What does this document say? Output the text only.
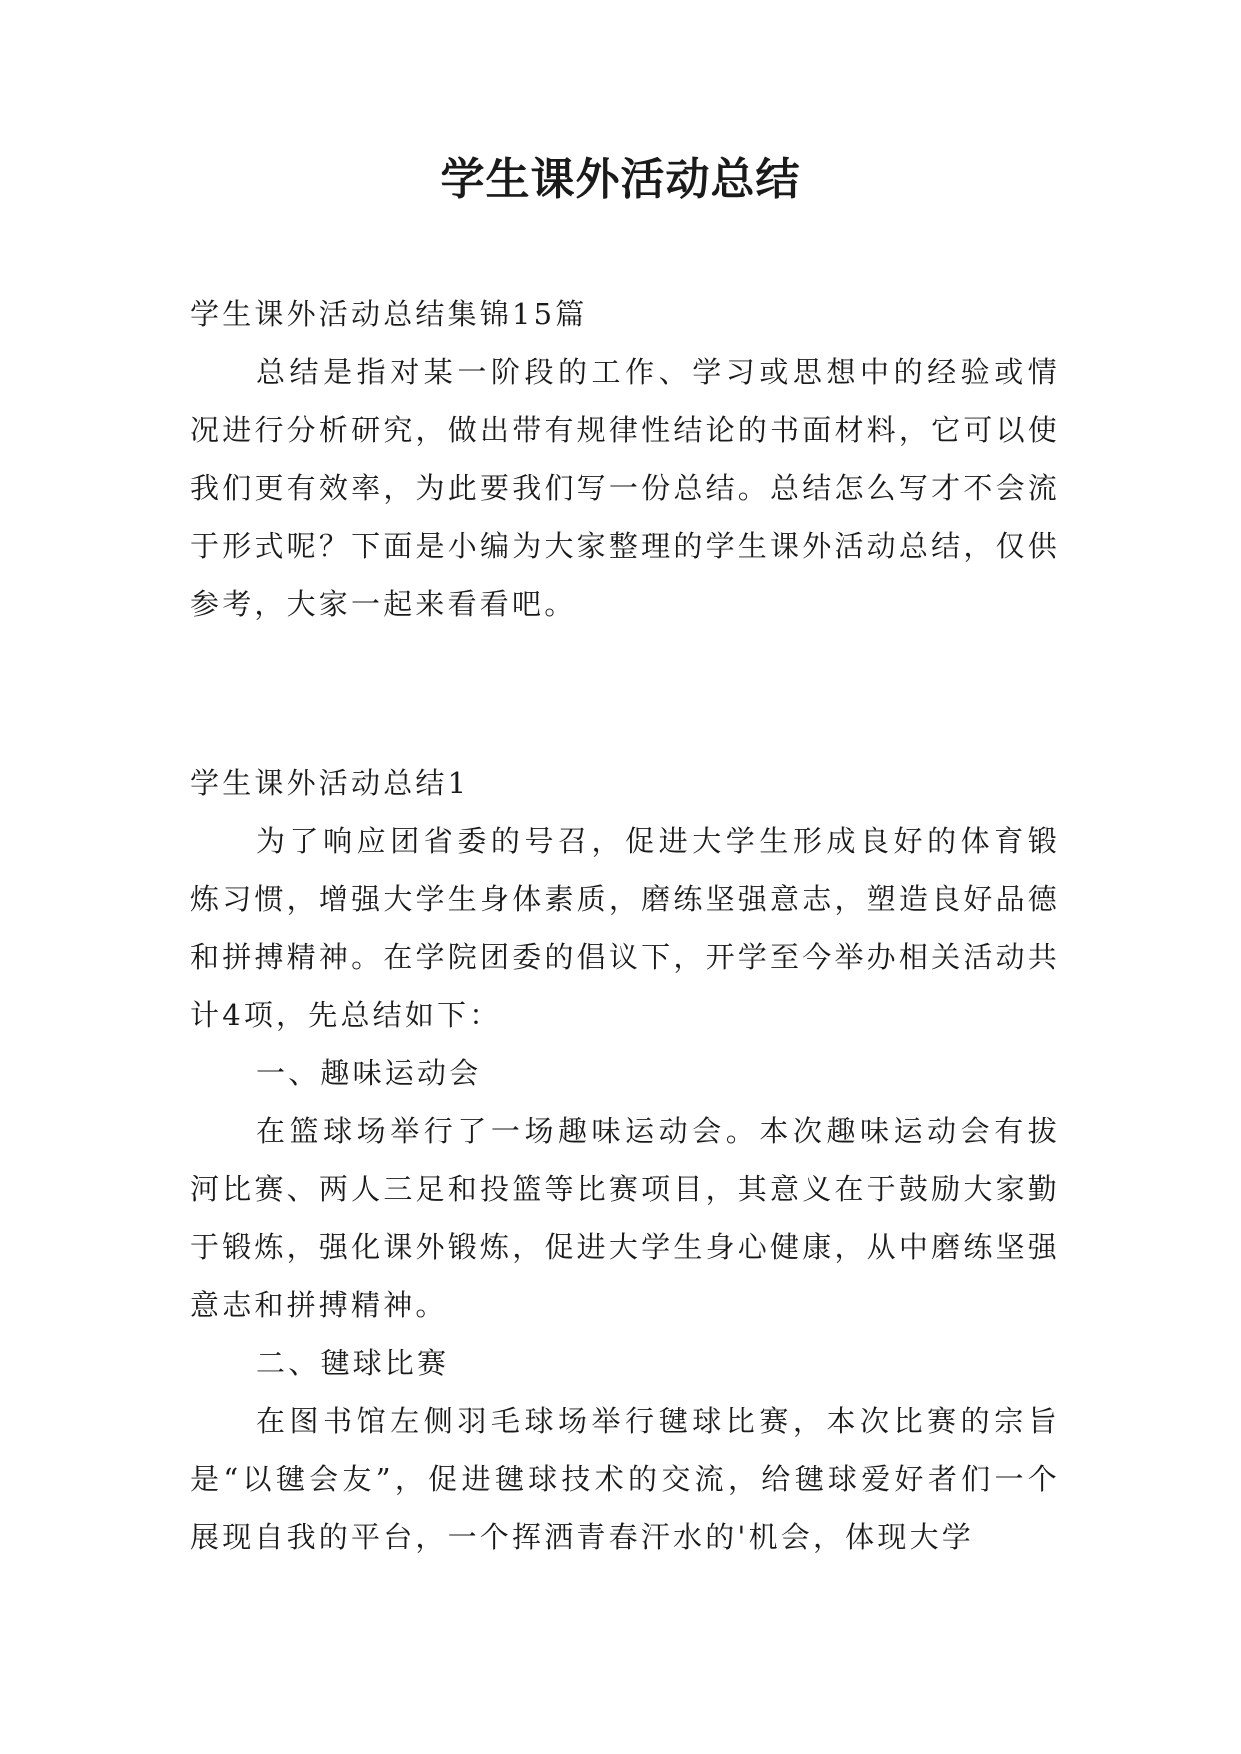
学生课外活动总结

学生课外活动总结集锦15篇

总结是指对某一阶段的工作、学习或思想中的经验或情况进行分析研究，做出带有规律性结论的书面材料，它可以使我们更有效率，为此要我们写一份总结。总结怎么写才不会流于形式呢？下面是小编为大家整理的学生课外活动总结，仅供参考，大家一起来看看吧。

学生课外活动总结1

为了响应团省委的号召，促进大学生形成良好的体育锻炼习惯，增强大学生身体素质，磨练坚强意志，塑造良好品德和拼搏精神。在学院团委的倡议下，开学至今举办相关活动共计4项，先总结如下：

一、趣味运动会

在篮球场举行了一场趣味运动会。本次趣味运动会有拔河比赛、两人三足和投篮等比赛项目，其意义在于鼓励大家勤于锻炼，强化课外锻炼，促进大学生身心健康，从中磨练坚强意志和拼搏精神。

二、毽球比赛

在图书馆左侧羽毛球场举行毽球比赛，本次比赛的宗旨是“以毽会友”，促进毽球技术的交流，给毽球爱好者们一个展现自我的平台，一个挥洒青春汗水的'机会，体现大学
